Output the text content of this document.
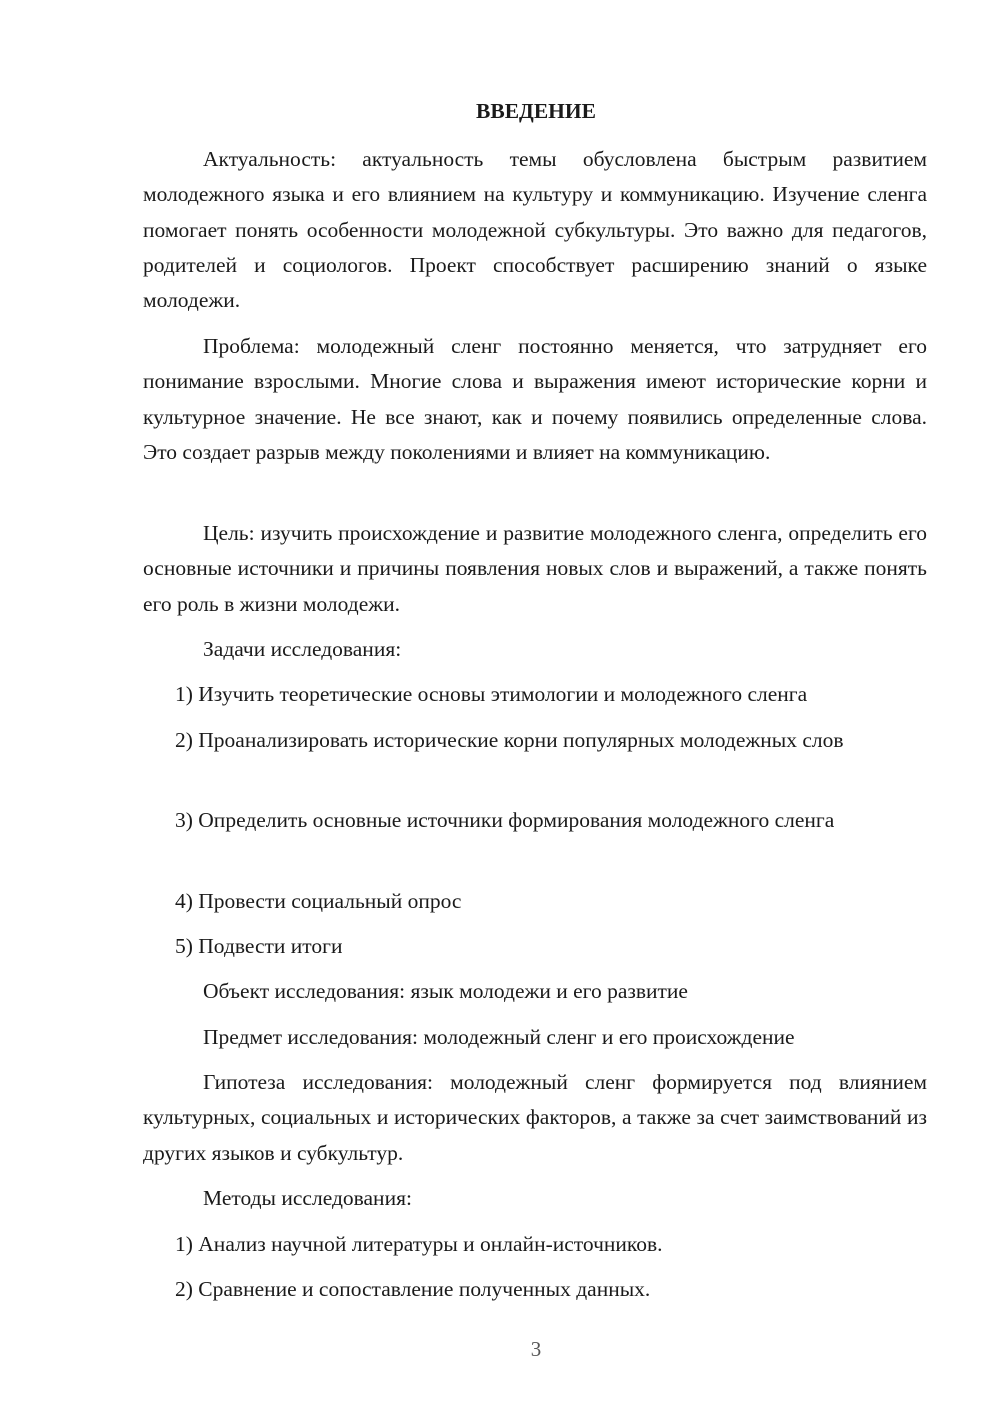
ВВЕДЕНИЕ

Актуальность: актуальность темы обусловлена быстрым развитием молодежного языка и его влиянием на культуру и коммуникацию. Изучение сленга помогает понять особенности молодежной субкультуры. Это важно для педагогов, родителей и социологов. Проект способствует расширению знаний о языке молодежи.

Проблема: молодежный сленг постоянно меняется, что затрудняет его понимание взрослыми. Многие слова и выражения имеют исторические корни и культурное значение. Не все знают, как и почему появились определенные слова. Это создает разрыв между поколениями и влияет на коммуникацию.

Цель: изучить происхождение и развитие молодежного сленга, определить его основные источники и причины появления новых слов и выражений, а также понять его роль в жизни молодежи.

Задачи исследования:

1) Изучить теоретические основы этимологии и молодежного сленга

2) Проанализировать исторические корни популярных молодежных слов

3) Определить основные источники формирования молодежного сленга

4) Провести социальный опрос

5) Подвести итоги

Объект исследования: язык молодежи и его развитие

Предмет исследования: молодежный сленг и его происхождение

Гипотеза исследования: молодежный сленг формируется под влиянием культурных, социальных и исторических факторов, а также за счет заимствований из других языков и субкультур.

Методы исследования:

1) Анализ научной литературы и онлайн-источников.

2) Сравнение и сопоставление полученных данных.

3
